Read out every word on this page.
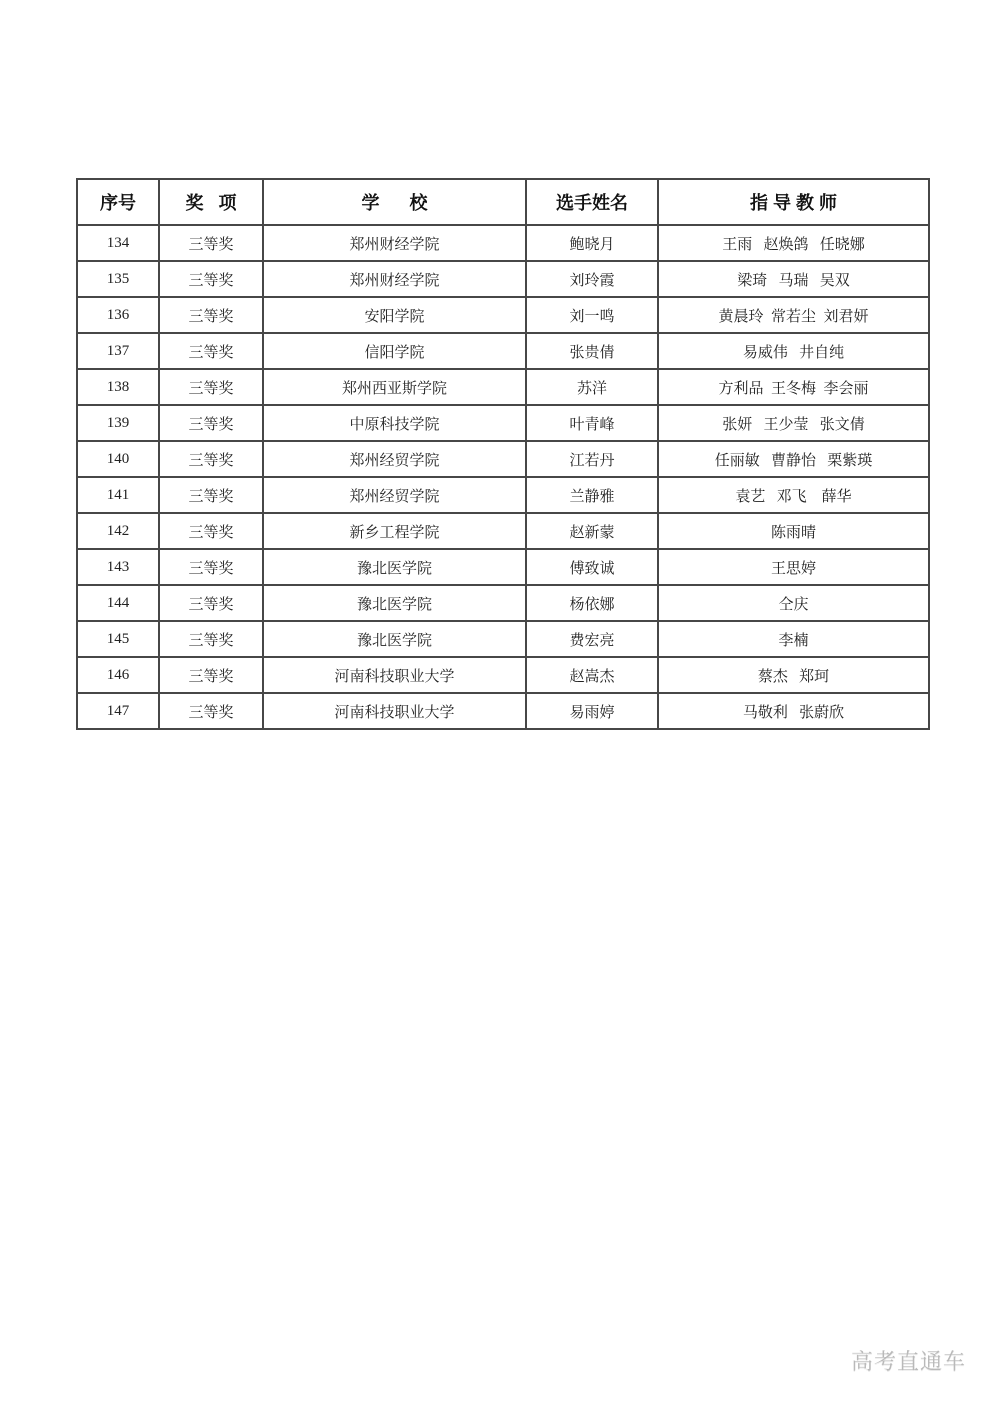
序号	奖   项	学      校	选手姓名	指 导 教 师
134	三等奖	郑州财经学院	鲍晓月	王雨   赵焕鸽   任晓娜
135	三等奖	郑州财经学院	刘玲霞	梁琦   马瑞   吴双
136	三等奖	安阳学院	刘一鸣	黄晨玲  常若尘  刘君妍
137	三等奖	信阳学院	张贵倩	易威伟   井自纯
138	三等奖	郑州西亚斯学院	苏洋	方利品  王冬梅  李会丽
139	三等奖	中原科技学院	叶青峰	张妍   王少莹   张文倩
140	三等奖	郑州经贸学院	江若丹	任丽敏   曹静怡   栗紫瑛
141	三等奖	郑州经贸学院	兰静雅	袁艺   邓飞    薛华
142	三等奖	新乡工程学院	赵新蒙	陈雨晴
143	三等奖	豫北医学院	傅致诚	王思婷
144	三等奖	豫北医学院	杨依娜	仝庆
145	三等奖	豫北医学院	费宏亮	李楠
146	三等奖	河南科技职业大学	赵嵩杰	蔡杰   郑珂
147	三等奖	河南科技职业大学	易雨婷	马敬利   张蔚欣
高考直通车
